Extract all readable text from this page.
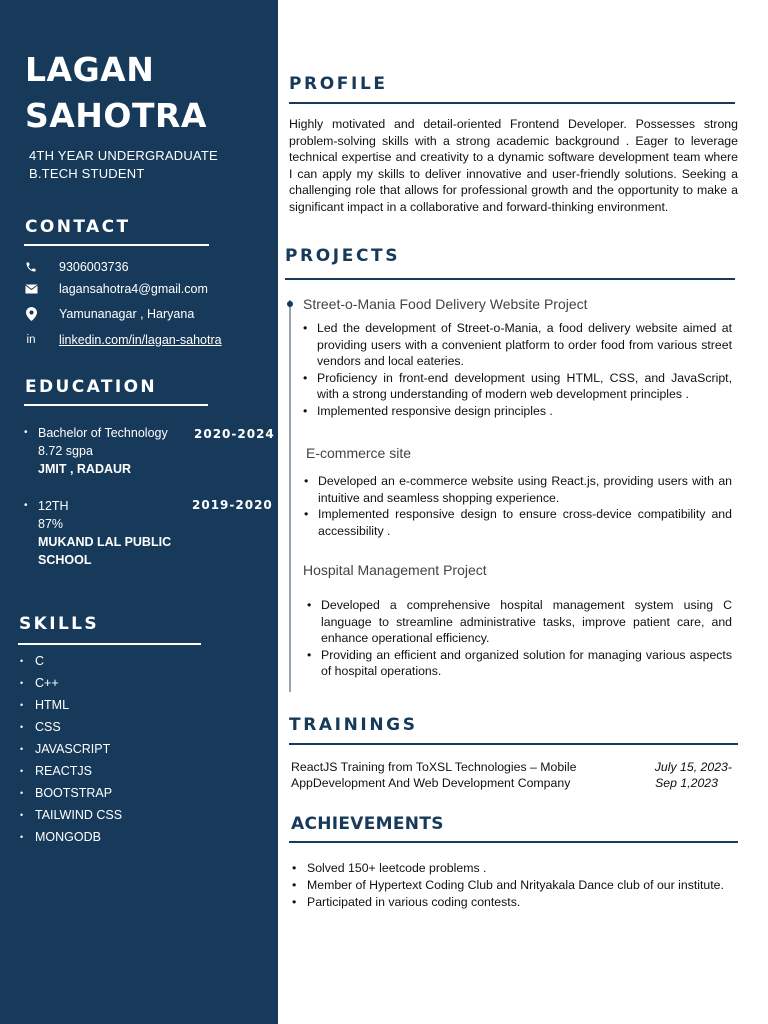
LAGAN
SAHOTRA
4TH YEAR UNDERGRADUATE
B.TECH STUDENT
CONTACT
9306003736
lagansahotra4@gmail.com
Yamunanagar , Haryana
in linkedin.com/in/lagan-sahotra
EDUCATION
• Bachelor of Technology
8.72 sgpa
JMIT , RADAUR
2020-2024
• 12TH
87%
MUKAND LAL PUBLIC SCHOOL
2019-2020
SKILLS
• C
• C++
• HTML
• CSS
• JAVASCRIPT
• REACTJS
• BOOTSTRAP
• TAILWIND CSS
• MONGODB
PROFILE
Highly motivated and detail-oriented Frontend Developer. Possesses strong problem-solving skills with a strong academic background . Eager to leverage technical expertise and creativity to a dynamic software development team where I can apply my skills to deliver innovative and user-friendly solutions. Seeking a challenging role that allows for professional growth and the opportunity to make a significant impact in a collaborative and forward-thinking environment.
PROJECTS
Street-o-Mania Food Delivery Website Project
• Led the development of Street-o-Mania, a food delivery website aimed at providing users with a convenient platform to order food from various street vendors and local eateries.
• Proficiency in front-end development using HTML, CSS, and JavaScript, with a strong understanding of modern web development principles .
• Implemented responsive design principles .
E-commerce site
• Developed an e-commerce website using React.js, providing users with an intuitive and seamless shopping experience.
• Implemented responsive design to ensure cross-device compatibility and accessibility .
Hospital Management Project
• Developed a comprehensive hospital management system using C language to streamline administrative tasks, improve patient care, and enhance operational efficiency.
• Providing an efficient and organized solution for managing various aspects of hospital operations.
TRAININGS
ReactJS Training from ToXSL Technologies – Mobile
AppDevelopment And Web Development Company
July 15, 2023-
Sep 1,2023
ACHIEVEMENTS
• Solved 150+ leetcode problems .
• Member of Hypertext Coding Club and Nrityakala Dance club of our institute.
• Participated in various coding contests.
